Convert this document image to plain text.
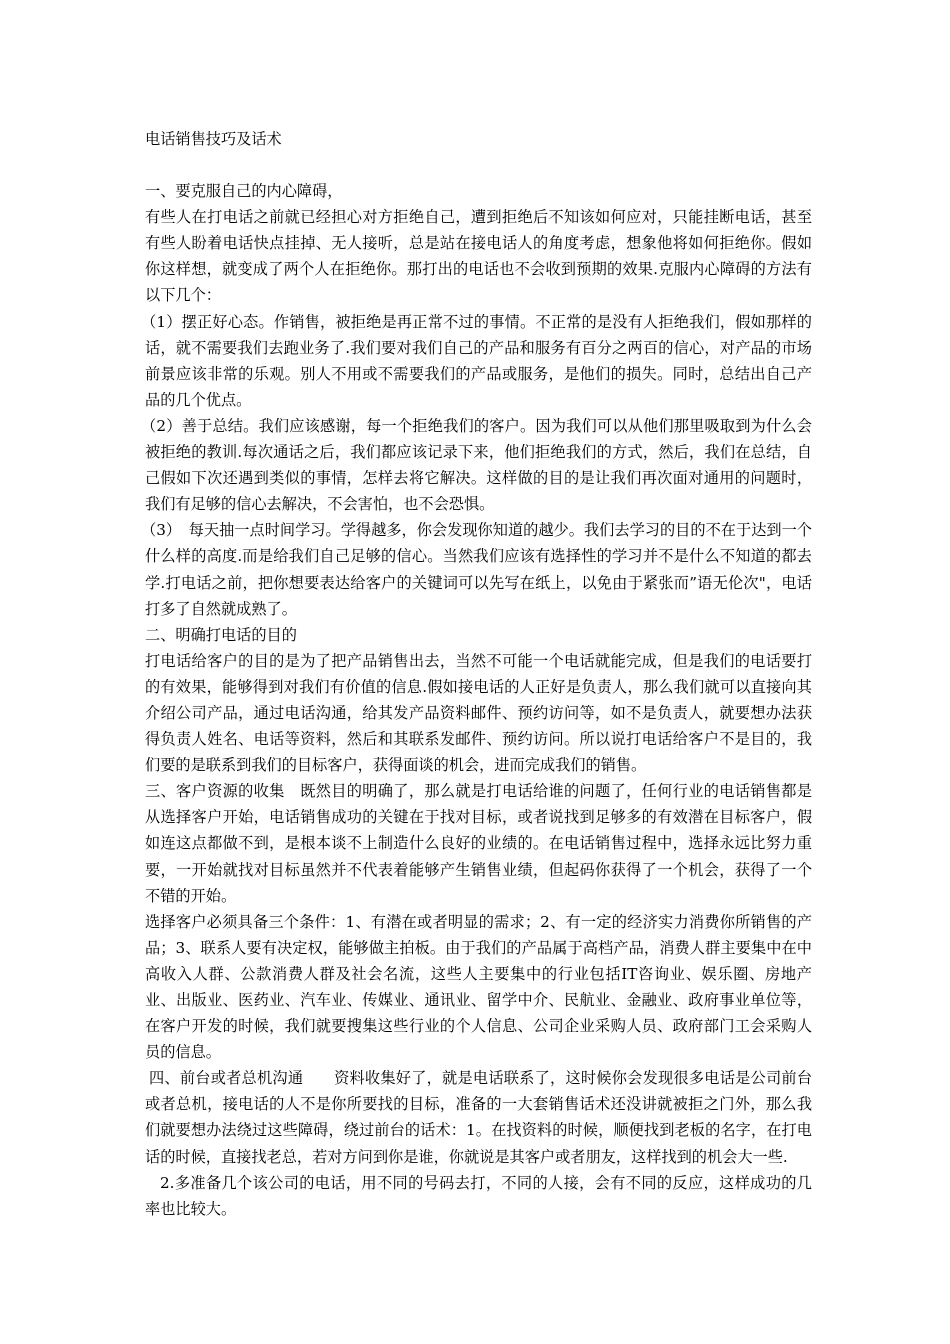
电话销售技巧及话术

一、要克服自己的内心障碍，

有些人在打电话之前就已经担心对方拒绝自己，遭到拒绝后不知该如何应对，只能挂断电话，甚至有些人盼着电话快点挂掉、无人接听，总是站在接电话人的角度考虑，想象他将如何拒绝你。假如你这样想，就变成了两个人在拒绝你。那打出的电话也不会收到预期的效果.克服内心障碍的方法有以下几个：

（1）摆正好心态。作销售，被拒绝是再正常不过的事情。不正常的是没有人拒绝我们，假如那样的话，就不需要我们去跑业务了.我们要对我们自己的产品和服务有百分之两百的信心，对产品的市场前景应该非常的乐观。别人不用或不需要我们的产品或服务，是他们的损失。同时，总结出自己产品的几个优点。

（2）善于总结。我们应该感谢，每一个拒绝我们的客户。因为我们可以从他们那里吸取到为什么会被拒绝的教训.每次通话之后，我们都应该记录下来，他们拒绝我们的方式，然后，我们在总结，自己假如下次还遇到类似的事情，怎样去将它解决。这样做的目的是让我们再次面对通用的问题时，我们有足够的信心去解决，不会害怕，也不会恐惧。

（3）　每天抽一点时间学习。学得越多，你会发现你知道的越少。我们去学习的目的不在于达到一个什么样的高度.而是给我们自己足够的信心。当然我们应该有选择性的学习并不是什么不知道的都去学.打电话之前，把你想要表达给客户的关键词可以先写在纸上，以免由于紧张而”语无伦次"，电话打多了自然就成熟了。

二、明确打电话的目的

打电话给客户的目的是为了把产品销售出去，当然不可能一个电话就能完成，但是我们的电话要打的有效果，能够得到对我们有价值的信息.假如接电话的人正好是负责人，那么我们就可以直接向其介绍公司产品，通过电话沟通，给其发产品资料邮件、预约访问等，如不是负责人，就要想办法获得负责人姓名、电话等资料，然后和其联系发邮件、预约访问。所以说打电话给客户不是目的，我们要的是联系到我们的目标客户，获得面谈的机会，进而完成我们的销售。

三、客户资源的收集　既然目的明确了，那么就是打电话给谁的问题了，任何行业的电话销售都是从选择客户开始，电话销售成功的关键在于找对目标，或者说找到足够多的有效潜在目标客户，假如连这点都做不到，是根本谈不上制造什么良好的业绩的。在电话销售过程中，选择永远比努力重要，一开始就找对目标虽然并不代表着能够产生销售业绩，但起码你获得了一个机会，获得了一个不错的开始。

选择客户必须具备三个条件：1、有潜在或者明显的需求；2、有一定的经济实力消费你所销售的产品；3、联系人要有决定权，能够做主拍板。由于我们的产品属于高档产品，消费人群主要集中在中高收入人群、公款消费人群及社会名流，这些人主要集中的行业包括IT咨询业、娱乐圈、房地产业、出版业、医药业、汽车业、传媒业、通讯业、留学中介、民航业、金融业、政府事业单位等，在客户开发的时候，我们就要搜集这些行业的个人信息、公司企业采购人员、政府部门工会采购人员的信息。

四、前台或者总机沟通　　资料收集好了，就是电话联系了，这时候你会发现很多电话是公司前台或者总机，接电话的人不是你所要找的目标，准备的一大套销售话术还没讲就被拒之门外，那么我们就要想办法绕过这些障碍，绕过前台的话术：1。在找资料的时候，顺便找到老板的名字，在打电话的时候，直接找老总，若对方问到你是谁，你就说是其客户或者朋友，这样找到的机会大一些.

2.多准备几个该公司的电话，用不同的号码去打，不同的人接，会有不同的反应，这样成功的几率也比较大。
